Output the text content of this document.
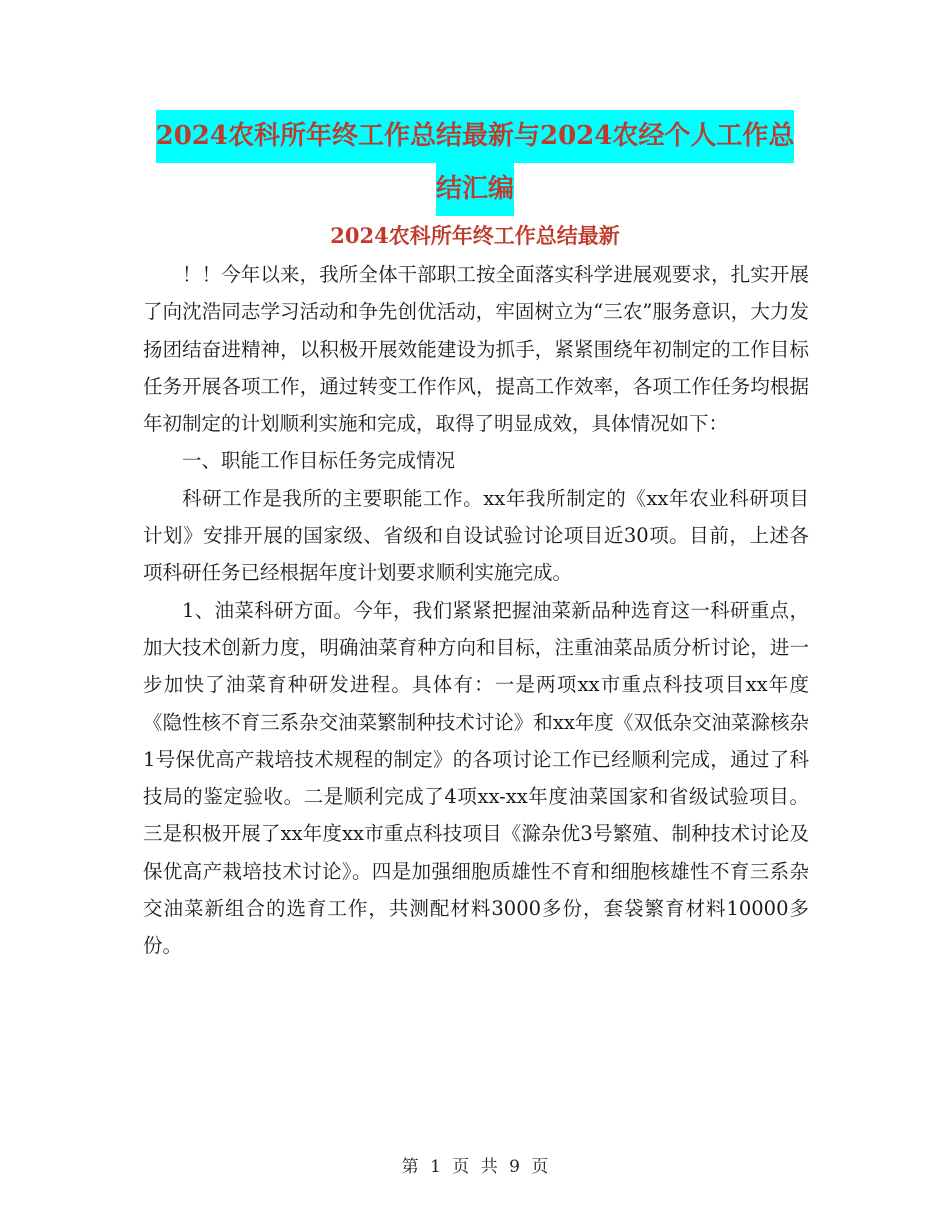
2024农科所年终工作总结最新与2024农经个人工作总
结汇编
2024农科所年终工作总结最新

！！今年以来，我所全体干部职工按全面落实科学进展观要求，扎实开展了向沈浩同志学习活动和争先创优活动，牢固树立为“三农”服务意识，大力发扬团结奋进精神，以积极开展效能建设为抓手，紧紧围绕年初制定的工作目标任务开展各项工作，通过转变工作作风，提高工作效率，各项工作任务均根据年初制定的计划顺利实施和完成，取得了明显成效，具体情况如下：

一、职能工作目标任务完成情况

科研工作是我所的主要职能工作。xx年我所制定的《xx年农业科研项目计划》安排开展的国家级、省级和自设试验讨论项目近30项。目前，上述各项科研任务已经根据年度计划要求顺利实施完成。

1、油菜科研方面。今年，我们紧紧把握油菜新品种选育这一科研重点，加大技术创新力度，明确油菜育种方向和目标，注重油菜品质分析讨论，进一步加快了油菜育种研发进程。具体有：一是两项xx市重点科技项目xx年度《隐性核不育三系杂交油菜繁制种技术讨论》和xx年度《双低杂交油菜滁核杂1号保优高产栽培技术规程的制定》的各项讨论工作已经顺利完成，通过了科技局的鉴定验收。二是顺利完成了4项xx-xx年度油菜国家和省级试验项目。三是积极开展了xx年度xx市重点科技项目《滁杂优3号繁殖、制种技术讨论及保优高产栽培技术讨论》。四是加强细胞质雄性不育和细胞核雄性不育三系杂交油菜新组合的选育工作，共测配材料3000多份，套袋繁育材料10000多份。

第 1 页 共 9 页
